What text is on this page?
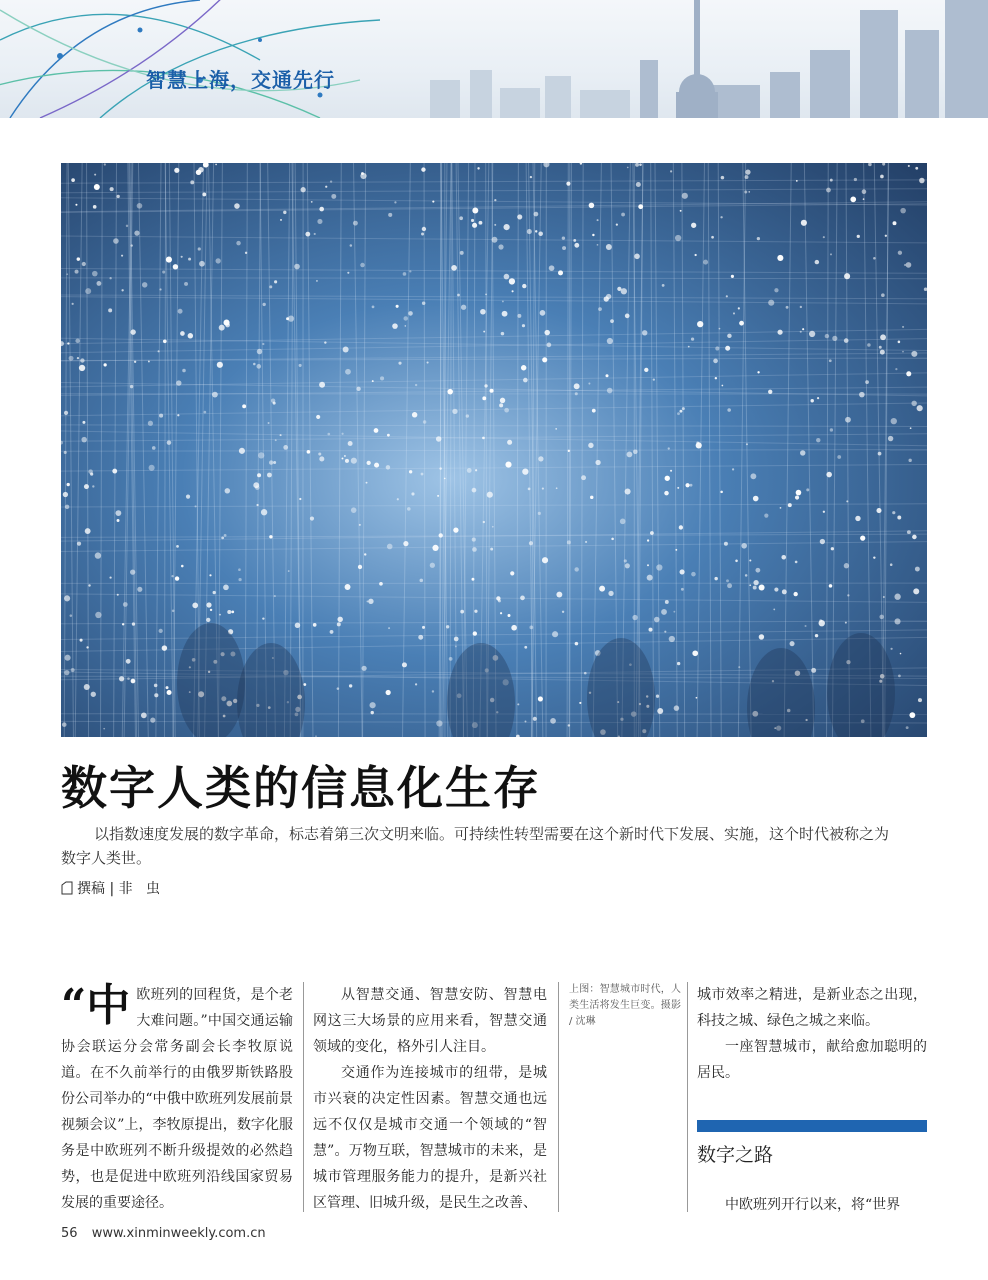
智慧上海，交通先行
数字人类的信息化生存

以指数速度发展的数字革命，标志着第三次文明来临。可持续性转型需要在这个新时代下发展、实施，这个时代被称之为数字人类世。

撰稿 | 非   虫

“中欧班列的回程货，是个老大难问题。”中国交通运输协会联运分会常务副会长李牧原说道。在不久前举行的由俄罗斯铁路股份公司举办的“中俄中欧班列发展前景视频会议”上，李牧原提出，数字化服务是中欧班列不断升级提效的必然趋势，也是促进中欧班列沿线国家贸易发展的重要途径。

从智慧交通、智慧安防、智慧电网这三大场景的应用来看，智慧交通领域的变化，格外引人注目。

交通作为连接城市的纽带，是城市兴衰的决定性因素。智慧交通也远远不仅仅是城市交通一个领域的“智慧”。万物互联，智慧城市的未来，是城市管理服务能力的提升，是新兴社区管理、旧城升级，是民生之改善、

上图：智慧城市时代，人类生活将发生巨变。摄影 / 沈琳

城市效率之精进，是新业态之出现，科技之城、绿色之城之来临。

一座智慧城市，献给愈加聪明的居民。

数字之路

中欧班列开行以来，将“世界

56 www.xinminweekly.com.cn
